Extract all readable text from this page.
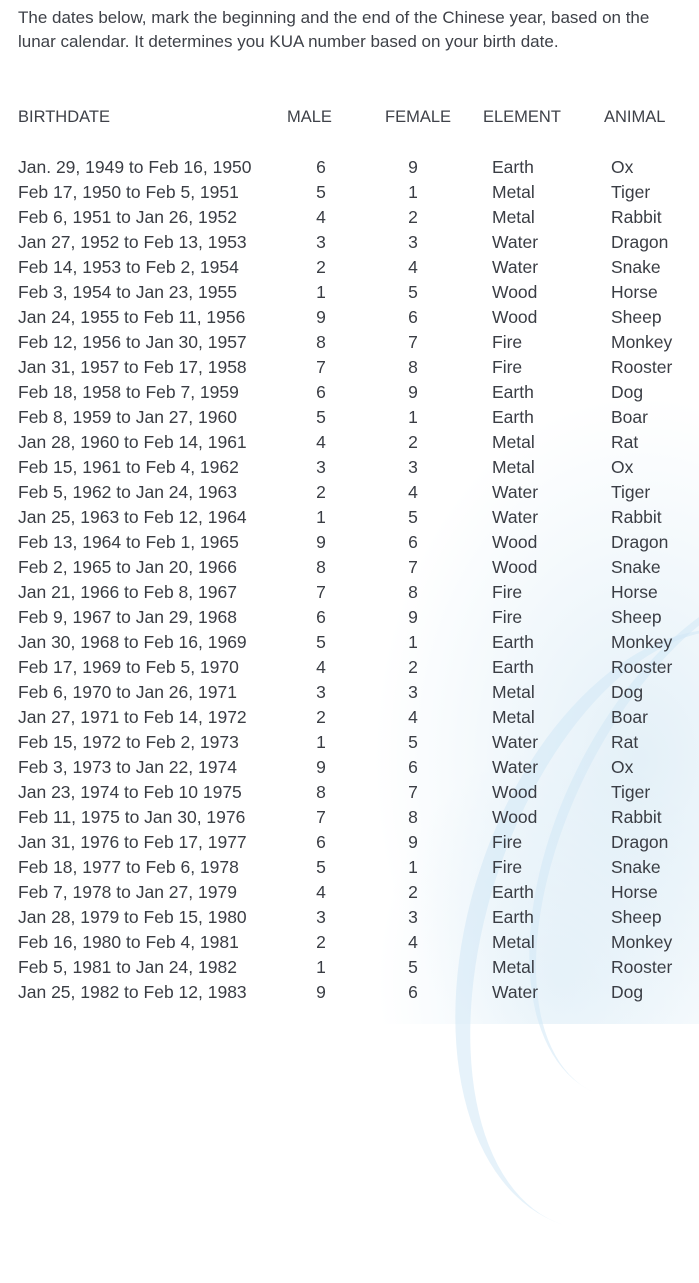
The dates below, mark the beginning and the end of the Chinese year, based on the lunar calendar. It determines you KUA number based on your birth date.

BIRTHDATE	MALE	FEMALE ELEMENT	ANIMAL
Jan. 29, 1949 to Feb 16, 1950	6	9	Earth	Ox
Feb 17, 1950 to Feb 5, 1951	5	1	Metal	Tiger
Feb 6, 1951 to Jan 26, 1952	4	2	Metal	Rabbit
Jan 27, 1952 to Feb 13, 1953	3	3	Water	Dragon
Feb 14, 1953 to Feb 2, 1954	2	4	Water	Snake
Feb 3, 1954 to Jan 23, 1955	1	5	Wood	Horse
Jan 24, 1955 to Feb 11, 1956	9	6	Wood	Sheep
Feb 12, 1956 to Jan 30, 1957	8	7	Fire	Monkey
Jan 31, 1957 to Feb 17, 1958	7	8	Fire	Rooster
Feb 18, 1958 to Feb 7, 1959	6	9	Earth	Dog
Feb 8, 1959 to Jan 27, 1960	5	1	Earth	Boar
Jan 28, 1960 to Feb 14, 1961	4	2	Metal	Rat
Feb 15, 1961 to Feb 4, 1962	3	3	Metal	Ox
Feb 5, 1962 to Jan 24, 1963	2	4	Water	Tiger
Jan 25, 1963 to Feb 12, 1964	1	5	Water	Rabbit
Feb 13, 1964 to Feb 1, 1965	9	6	Wood	Dragon
Feb 2, 1965 to Jan 20, 1966	8	7	Wood	Snake
Jan 21, 1966 to Feb 8, 1967	7	8	Fire	Horse
Feb 9, 1967 to Jan 29, 1968	6	9	Fire	Sheep
Jan 30, 1968 to Feb 16, 1969	5	1	Earth	Monkey
Feb 17, 1969 to Feb 5, 1970	4	2	Earth	Rooster
Feb 6, 1970 to Jan 26, 1971	3	3	Metal	Dog
Jan 27, 1971 to Feb 14, 1972	2	4	Metal	Boar
Feb 15, 1972 to Feb 2, 1973	1	5	Water	Rat
Feb 3, 1973 to Jan 22, 1974	9	6	Water	Ox
Jan 23, 1974 to Feb 10 1975	8	7	Wood	Tiger
Feb 11, 1975 to Jan 30, 1976	7	8	Wood	Rabbit
Jan 31, 1976 to Feb 17, 1977	6	9	Fire	Dragon
Feb 18, 1977 to Feb 6, 1978	5	1	Fire	Snake
Feb 7, 1978 to Jan 27, 1979	4	2	Earth	Horse
Jan 28, 1979 to Feb 15, 1980	3	3	Earth	Sheep
Feb 16, 1980 to Feb 4, 1981	2	4	Metal	Monkey
Feb 5, 1981 to Jan 24, 1982	1	5	Metal	Rooster
Jan 25, 1982 to Feb 12, 1983	9	6	Water	Dog
